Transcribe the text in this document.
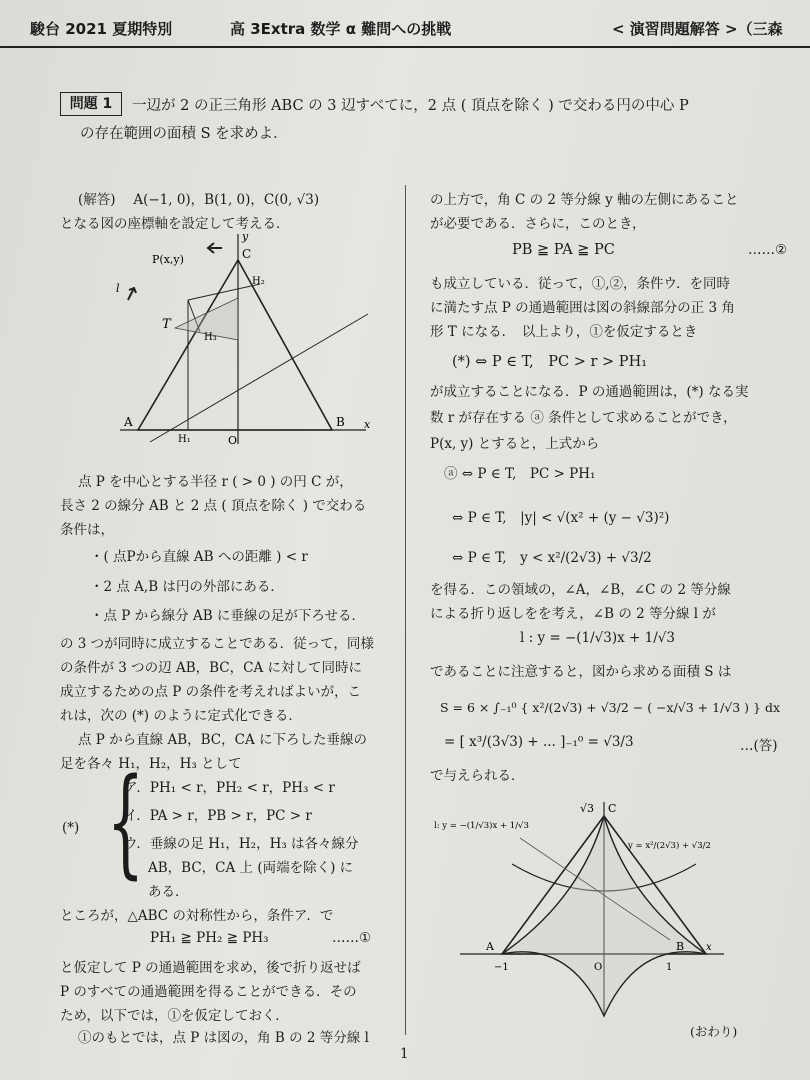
駿台 2021 夏期特別	高 3Extra 数学 α 難問への挑戦	< 演習問題解答 >（三森
問題 1	一辺が 2 の正三角形 ABC の 3 辺すべてに，2 点 ( 頂点を除く ) で交わる円の中心 P
の存在範囲の面積 S を求めよ．
(解答)　 A(−1, 0)，B(1, 0)，C(0, √3)
となる図の座標軸を設定して考える．
P(x,y)
y
C
H₂
T
H₃
l
A	B x
H₁	O
点 P を中心とする半径 r ( > 0 ) の円 C が，
長さ 2 の線分 AB と 2 点 ( 頂点を除く ) で交わる
条件は，
・( 点Pから直線 AB への距離 ) < r
・2 点 A,B は円の外部にある．
・点 P から線分 AB に垂線の足が下ろせる．
の 3 つが同時に成立することである．従って，同様
の条件が 3 つの辺 AB，BC，CA に対して同時に
成立するための点 P の条件を考えればよいが，こ
れは，次の (*) のように定式化できる．
点 P から直線 AB，BC，CA に下ろした垂線の
足を各々 H₁，H₂，H₃ として
{
(*)
ア．PH₁ < r，PH₂ < r，PH₃ < r
イ．PA > r，PB > r，PC > r
ウ．垂線の足 H₁，H₂，H₃ は各々線分
AB，BC，CA 上 (両端を除く) に
ある．
ところが，△ABC の対称性から，条件ア．で
PH₁ ≧ PH₂ ≧ PH₃	……①
と仮定して P の通過範囲を求め，後で折り返せば
P のすべての通過範囲を得ることができる．その
ため，以下では，①を仮定しておく．
①のもとでは，点 P は図の，角 B の 2 等分線 l
の上方で，角 C の 2 等分線 y 軸の左側にあること
が必要である．さらに，このとき，
PB ≧ PA ≧ PC	……②
も成立している．従って，①,②，条件ウ．を同時
に満たす点 P の通過範囲は図の斜線部分の正 3 角
形 T になる．　以上より，①を仮定するとき
(*) ⇔ P ∈ T,　PC > r > PH₁
が成立することになる．P の通過範囲は，(*) なる実
数 r が存在する ⓐ 条件として求めることができ，
P(x, y) とすると，上式から
ⓐ ⇔ P ∈ T,　PC > PH₁
⇔ P ∈ T,　|y| < √(x² + (y − √3)²)
⇔ P ∈ T,　y < x²/(2√3) + √3/2
を得る．この領域の，∠A，∠B，∠C の 2 等分線
による折り返しをを考え，∠B の 2 等分線 l が
l : y = −(1/√3)x + 1/√3
であることに注意すると，図から求める面積 S は
S = 6 × ∫₋₁⁰ { x²/(2√3) + √3/2 − ( −x/√3 + 1/√3 ) } dx
= [ x³/(3√3) + ... ]₋₁⁰ = √3/3	…(答)
で与えられる．
√3 C
l: y = −(1/√3)x + 1/√3
y = x²/(2√3) + √3/2
A	B x
−1	O	1
(おわり)
1
